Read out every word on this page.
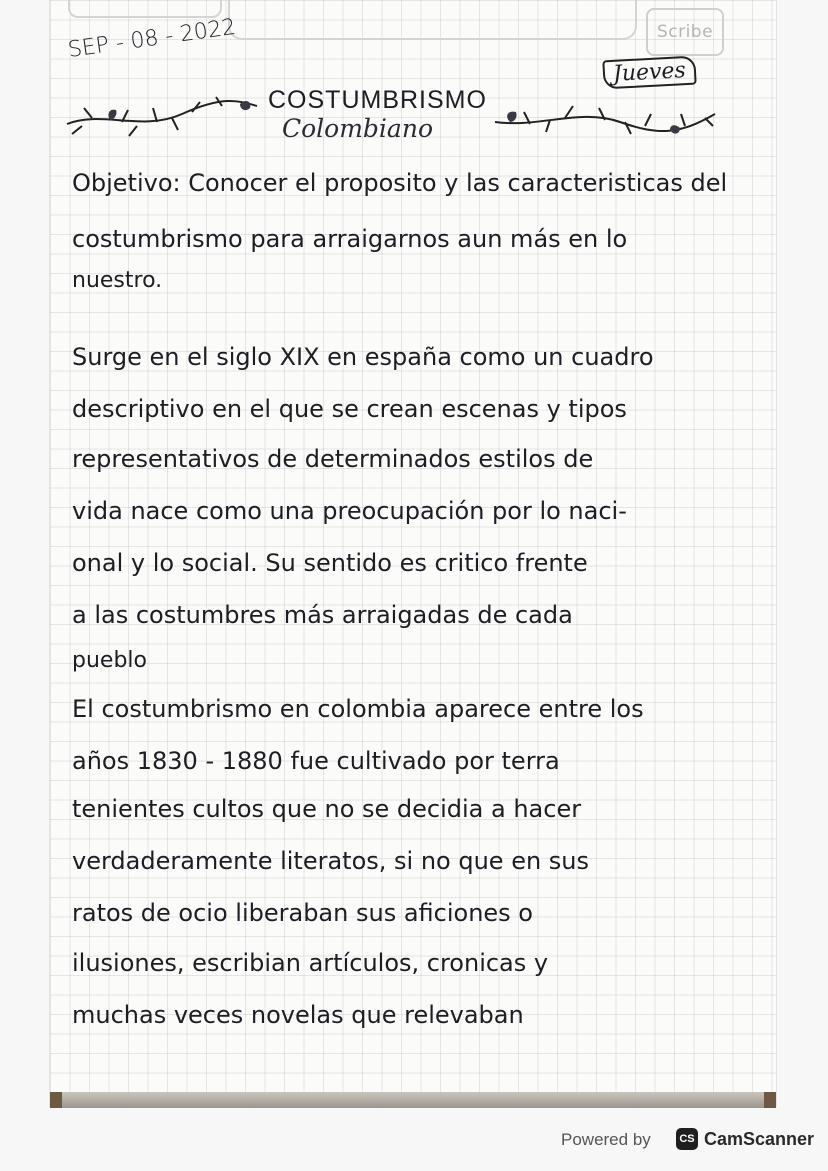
Scribe
SEP - 08 - 2022
Jueves
COSTUMBRISMO
Colombiano
Objetivo: Conocer el proposito y las caracteristicas del
costumbrismo para arraigarnos aun más en lo
nuestro.
Surge en el siglo XIX en españa como un cuadro
descriptivo en el que se crean escenas y tipos
representativos de determinados estilos de
vida nace como una preocupación por lo naci-
onal y lo social. Su sentido es critico frente
a las costumbres más arraigadas de cada
pueblo
El costumbrismo en colombia aparece entre los
años 1830 - 1880 fue cultivado por terra
tenientes cultos que no se decidia a hacer
verdaderamente literatos, si no que en sus
ratos de ocio liberaban sus aficiones o
ilusiones, escribian artículos, cronicas y
muchas veces novelas que relevaban
Powered by	CS CamScanner
